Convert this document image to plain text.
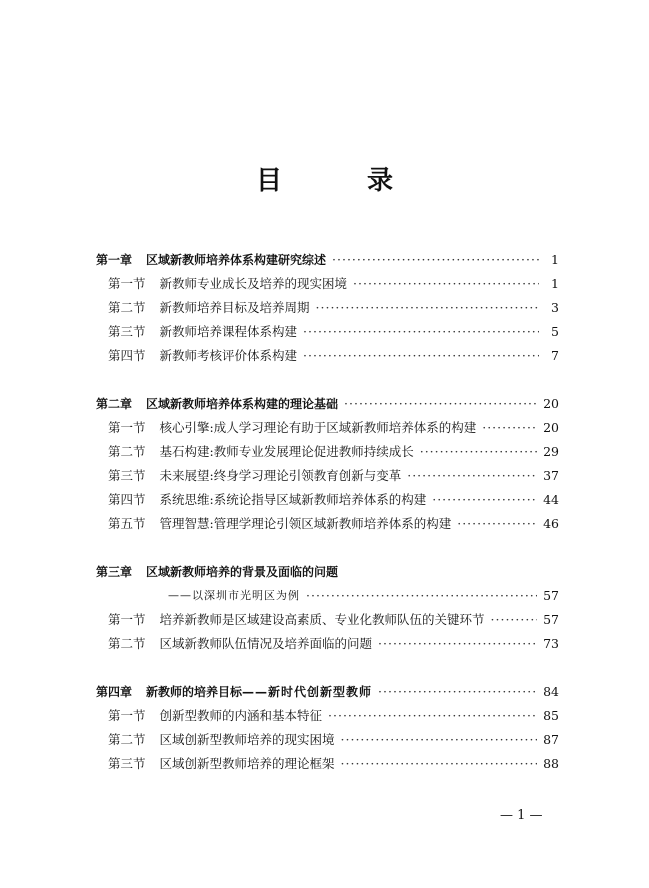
目 录
第一章 区域新教师培养体系构建研究综述 ·····	1
第一节 新教师专业成长及培养的现实困境 ·····	1
第二节 新教师培养目标及培养周期 ·····	3
第三节 新教师培养课程体系构建 ·····	5
第四节 新教师考核评价体系构建 ·····	7
第二章 区域新教师培养体系构建的理论基础 ·····	20
第一节 核心引擎:成人学习理论有助于区域新教师培养体系的构建 ·····	20
第二节 基石构建:教师专业发展理论促进教师持续成长 ·····	29
第三节 未来展望:终身学习理论引领教育创新与变革 ·····	37
第四节 系统思维:系统论指导区域新教师培养体系的构建 ·····	44
第五节 管理智慧:管理学理论引领区域新教师培养体系的构建 ·····	46
第三章 区域新教师培养的背景及面临的问题
——以深圳市光明区为例 ·····	57
第一节 培养新教师是区域建设高素质、专业化教师队伍的关键环节 ·····	57
第二节 区域新教师队伍情况及培养面临的问题 ·····	73
第四章 新教师的培养目标 ——新时代创新型教师 ·····	84
第一节 创新型教师的内涵和基本特征 ·····	85
第二节 区域创新型教师培养的现实困境 ·····	87
第三节 区域创新型教师培养的理论框架 ·····	88
— 1 —
